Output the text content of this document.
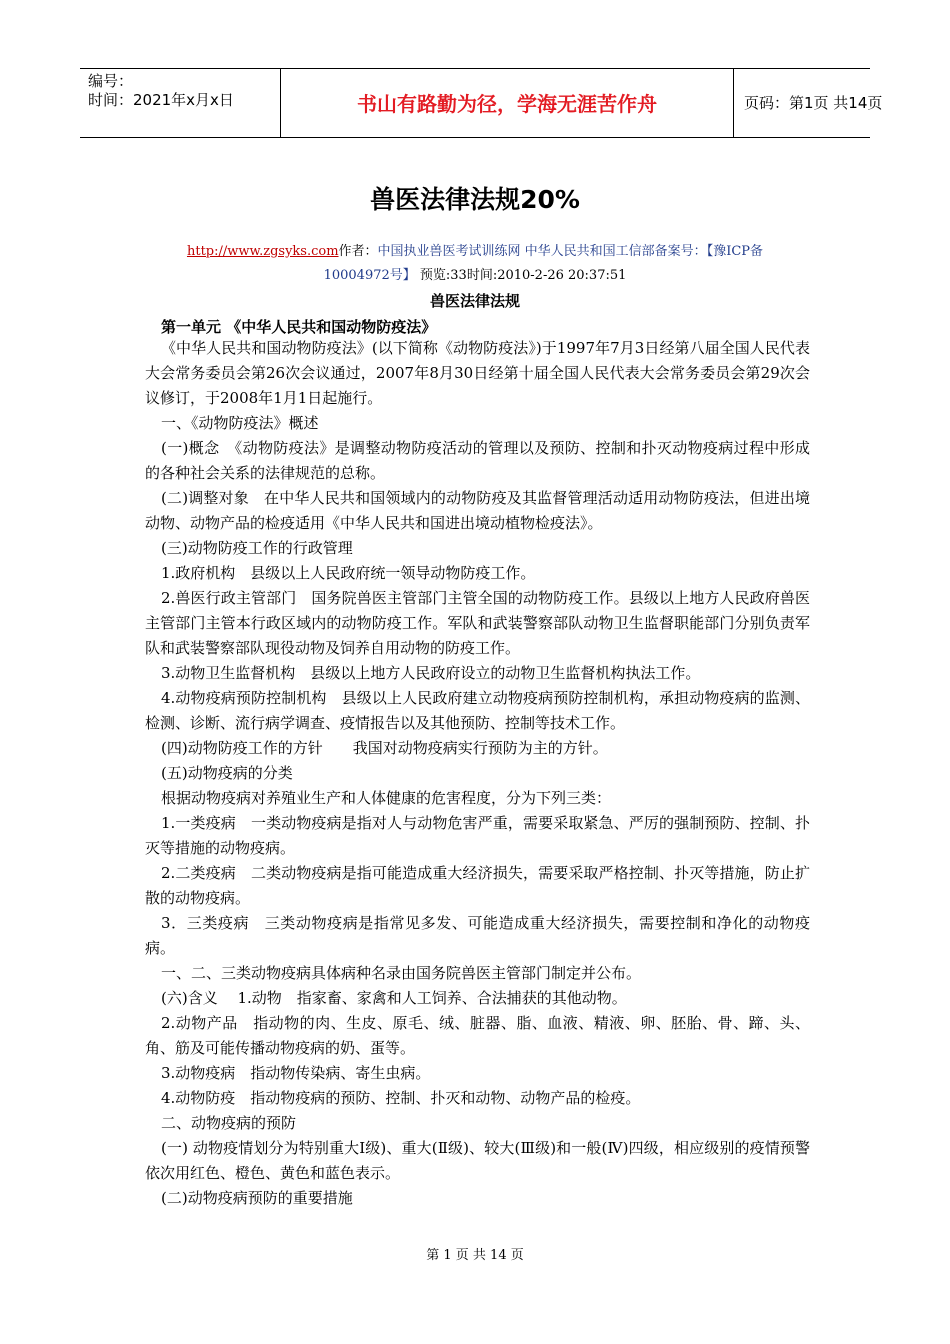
编号：
时间：2021年x月x日	书山有路勤为径，学海无涯苦作舟	页码：第1页 共14页
兽医法律法规20%
http://www.zgsyks.com作者：中国执业兽医考试训练网 中华人民共和国工信部备案号：【豫ICP备10004972号】 预览:33时间:2010-2-26 20:37:51
兽医法律法规
第一单元 《中华人民共和国动物防疫法》

《中华人民共和国动物防疫法》(以下简称《动物防疫法》)于1997年7月3日经第八届全国人民代表大会常务委员会第26次会议通过，2007年8月30日经第十届全国人民代表大会常务委员会第29次会议修订，于2008年1月1日起施行。

一、《动物防疫法》概述

(一)概念　《动物防疫法》是调整动物防疫活动的管理以及预防、控制和扑灭动物疫病过程中形成的各种社会关系的法律规范的总称。

(二)调整对象　在中华人民共和国领域内的动物防疫及其监督管理活动适用动物防疫法，但进出境动物、动物产品的检疫适用《中华人民共和国进出境动植物检疫法》。

(三)动物防疫工作的行政管理

1.政府机构　县级以上人民政府统一领导动物防疫工作。

2.兽医行政主管部门　国务院兽医主管部门主管全国的动物防疫工作。县级以上地方人民政府兽医主管部门主管本行政区域内的动物防疫工作。军队和武装警察部队动物卫生监督职能部门分别负责军队和武装警察部队现役动物及饲养自用动物的防疫工作。

3.动物卫生监督机构　县级以上地方人民政府设立的动物卫生监督机构执法工作。

4.动物疫病预防控制机构　县级以上人民政府建立动物疫病预防控制机构，承担动物疫病的监测、检测、诊断、流行病学调查、疫情报告以及其他预防、控制等技术工作。

(四)动物防疫工作的方针　　我国对动物疫病实行预防为主的方针。

(五)动物疫病的分类

根据动物疫病对养殖业生产和人体健康的危害程度，分为下列三类：

1.一类疫病　一类动物疫病是指对人与动物危害严重，需要采取紧急、严厉的强制预防、控制、扑灭等措施的动物疫病。

2.二类疫病　二类动物疫病是指可能造成重大经济损失，需要采取严格控制、扑灭等措施，防止扩散的动物疫病。

3．三类疫病　三类动物疫病是指常见多发、可能造成重大经济损失，需要控制和净化的动物疫病。

一、二、三类动物疫病具体病种名录由国务院兽医主管部门制定并公布。

(六)含义　 1.动物　指家畜、家禽和人工饲养、合法捕获的其他动物。

2.动物产品　指动物的肉、生皮、原毛、绒、脏器、脂、血液、精液、卵、胚胎、骨、蹄、头、角、筋及可能传播动物疫病的奶、蛋等。

3.动物疫病　指动物传染病、寄生虫病。

4.动物防疫　指动物疫病的预防、控制、扑灭和动物、动物产品的检疫。

二、动物疫病的预防

(一) 动物疫情划分为特别重大Ⅰ级)、重大(Ⅱ级)、较大(Ⅲ级)和一般(Ⅳ)四级，相应级别的疫情预警依次用红色、橙色、黄色和蓝色表示。

(二)动物疫病预防的重要措施

第 1 页 共 14 页
